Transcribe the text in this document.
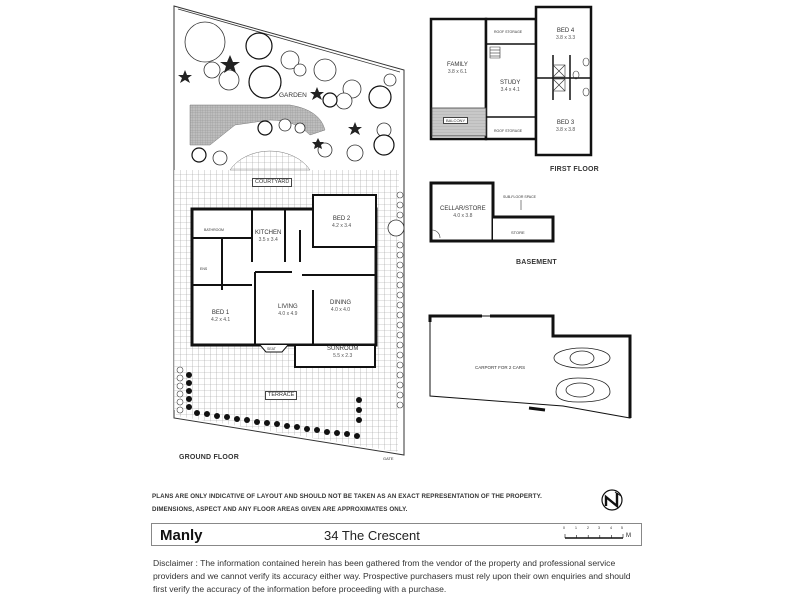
GARDEN
COURTYARD
TERRACE
GATE
KITCHEN
3.5 x 3.4
BED 2
4.2 x 3.4
BED 1
4.2 x 4.1
LIVING
4.0 x 4.9
DINING
4.0 x 4.0
SUNROOM
5.5 x 2.3
BATHROOM
ENS
SEAT
GROUND FLOOR
FAMILY
3.8 x 6.1
STUDY
3.4 x 4.1
BED 4
3.8 x 3.3
BED 3
3.8 x 3.8
ROOF STORAGE
ROOF STORAGE
BALCONY
FIRST FLOOR
CELLAR/STORE
4.0 x 3.8
STORE
SUB-FLOOR SPACE
BASEMENT
CARPORT FOR 2 CARS
PLANS ARE ONLY INDICATIVE OF LAYOUT AND SHOULD NOT BE TAKEN AS AN EXACT REPRESENTATION OF THE PROPERTY.
DIMENSIONS, ASPECT AND ANY FLOOR AREAS GIVEN ARE APPROXIMATES ONLY.
Manly	34 The Crescent	0	1	2	3	4	5
M
Disclaimer : The information contained herein has been gathered from the vendor of the property and professional service providers and we cannot verify its accuracy either way. Prospective purchasers must rely upon their own enquiries and should first verify the accuracy of the information before proceeding with a purchase.
